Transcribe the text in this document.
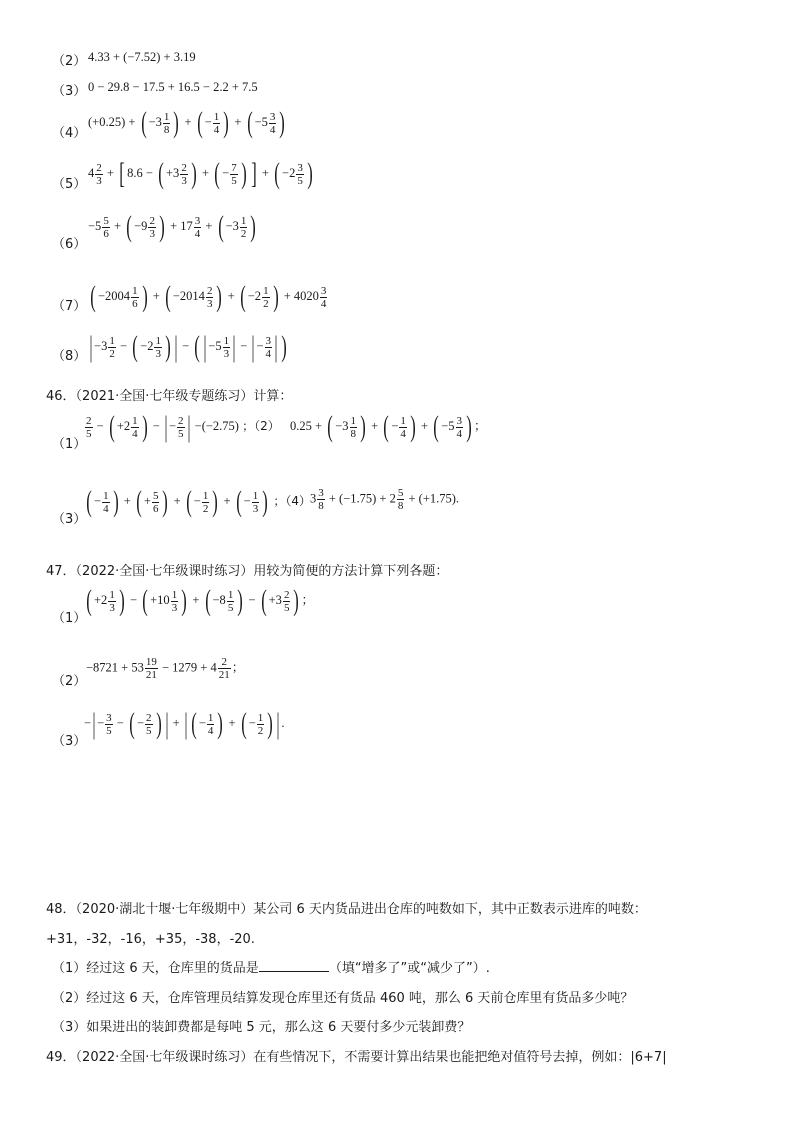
（2） 4.33 + (−7.52) + 3.19
（3） 0 − 29.8 − 17.5 + 16.5 − 2.2 + 7.5
（4）
(+0.25) + ( $-3 \frac{1}{8}$ ) + ( − $\frac{1}{4}$ ) + ( $-5 \frac{3}{4}$ )
（5）
$4 \frac{2}{3}$ + [ 8.6 − ( $+3 \frac{2}{3}$ ) + ( − $\frac{7}{5}$ ) ] + ( $-2 \frac{3}{5}$ )
（6）
$-5 \frac{5}{6}$ + ( $-9 \frac{2}{3}$ ) + $17 \frac{3}{4}$ + ( $-3 \frac{1}{2}$ )
（7） ( $-2004 \frac{1}{6}$ ) + ( $-2014 \frac{2}{3}$ ) + ( $-2 \frac{1}{2}$ ) + $4020 \frac{3}{4}$
（8） | $-3 \frac{1}{2}$ − ( $-2 \frac{1}{3}$ ) | − ( | $-5 \frac{1}{3}$ | − | − $\frac{3}{4}$ | )
46．（2021·全国·七年级专题练习）计算：
（1）
$\frac{2}{5}$ − ( $+2 \frac{1}{4}$ ) − | − $\frac{2}{5}$ | −(−2.75) ；（2） 0.25 + ( $-3 \frac{1}{8}$ ) + ( − $\frac{1}{4}$ ) + ( $-5 \frac{3}{4}$ ) ；
（3）
( − $\frac{1}{4}$ ) + ( + $\frac{5}{6}$ ) + ( − $\frac{1}{2}$ ) + ( − $\frac{1}{3}$ ) ；（4） $3 \frac{3}{8} + (-1.75) + 2 \frac{5}{8} + (+1.75)$.
47．（2022·全国·七年级课时练习）用较为简便的方法计算下列各题：
（1）
( $+2 \frac{1}{3}$ ) − ( $+10 \frac{1}{3}$ ) + ( $-8 \frac{1}{5}$ ) − ( $+3 \frac{2}{5}$ ) ；
（2）
$-8721 + 53 \frac{19}{21} - 1279 + 4 \frac{2}{21}$ ；
（3）
−| − $\frac{3}{5}$ − ( − $\frac{2}{5}$ ) | + | ( − $\frac{1}{4}$ ) + ( − $\frac{1}{2}$ ) | .
48．（2020·湖北十堰·七年级期中）某公司 6 天内货品进出仓库的吨数如下，其中正数表示进库的吨数：
+31，-32，-16，+35，-38，-20.
（1）经过这 6 天，仓库里的货品是	（填“增多了”或“减少了”）.
（2）经过这 6 天，仓库管理员结算发现仓库里还有货品 460 吨，那么 6 天前仓库里有货品多少吨？
（3）如果进出的装卸费都是每吨 5 元，那么这 6 天要付多少元装卸费？
49．（2022·全国·七年级课时练习）在有些情况下，不需要计算出结果也能把绝对值符号去掉，例如：|6+7|
